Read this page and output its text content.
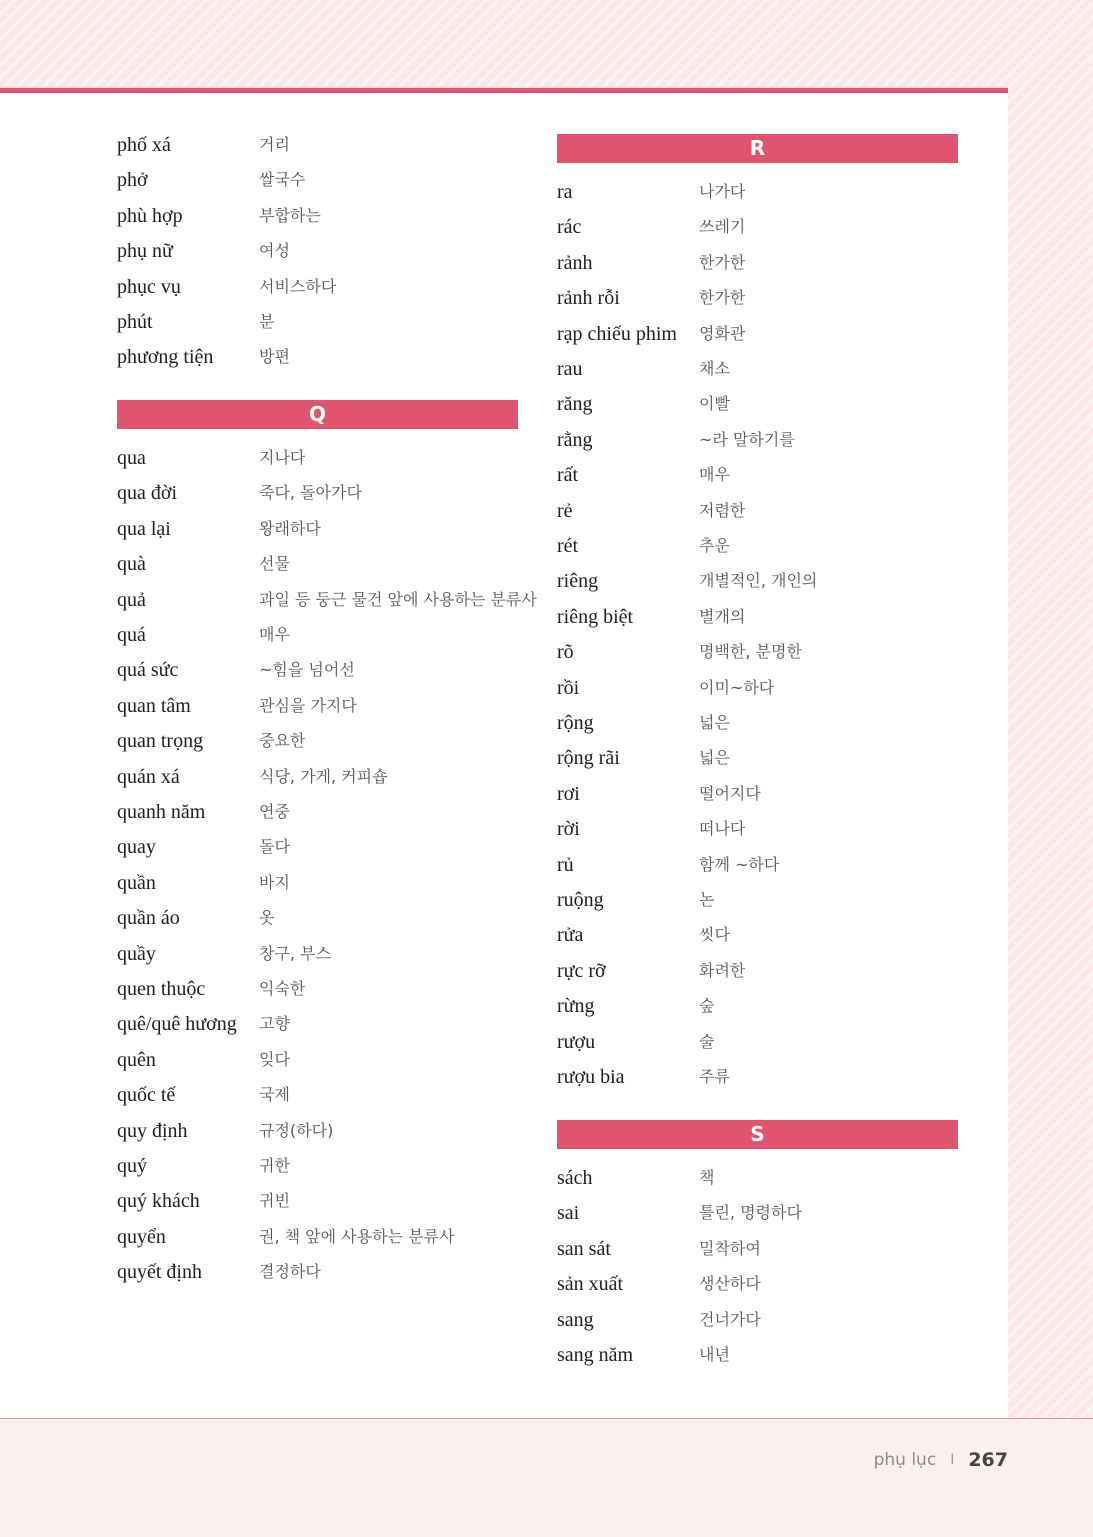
phố xá	거리
phở	쌀국수
phù hợp	부합하는
phụ nữ	여성
phục vụ	서비스하다
phút	분
phương tiện	방편
Q
qua	지나다
qua đời	죽다, 돌아가다
qua lại	왕래하다
quà	선물
quả	과일 등 둥근 물건 앞에 사용하는 분류사
quá	매우
quá sức	~힘을 넘어선
quan tâm	관심을 가지다
quan trọng	중요한
quán xá	식당, 가게, 커피숍
quanh năm	연중
quay	돌다
quần	바지
quần áo	옷
quầy	창구, 부스
quen thuộc	익숙한
quê/quê hương 고향
quên	잊다
quốc tế	국제
quy định	규정(하다)
quý	귀한
quý khách	귀빈
quyển	권, 책 앞에 사용하는 분류사
quyết định	결정하다
R
ra	나가다
rác	쓰레기
rảnh	한가한
rảnh rỗi	한가한
rạp chiếu phim 영화관
rau	채소
răng	이빨
rằng	~라 말하기를
rất	매우
rẻ	저렴한
rét	추운
riêng	개별적인, 개인의
riêng biệt	별개의
rõ	명백한, 분명한
rồi	이미~하다
rộng	넓은
rộng rãi	넓은
rơi	떨어지다
rời	떠나다
rủ	함께 ~하다
ruộng	논
rửa	씻다
rực rỡ	화려한
rừng	숲
rượu	술
rượu bia	주류
S
sách	책
sai	틀린, 명령하다
san sát	밀착하여
sản xuất	생산하다
sang	건너가다
sang năm	내년
phụ lục I 267
